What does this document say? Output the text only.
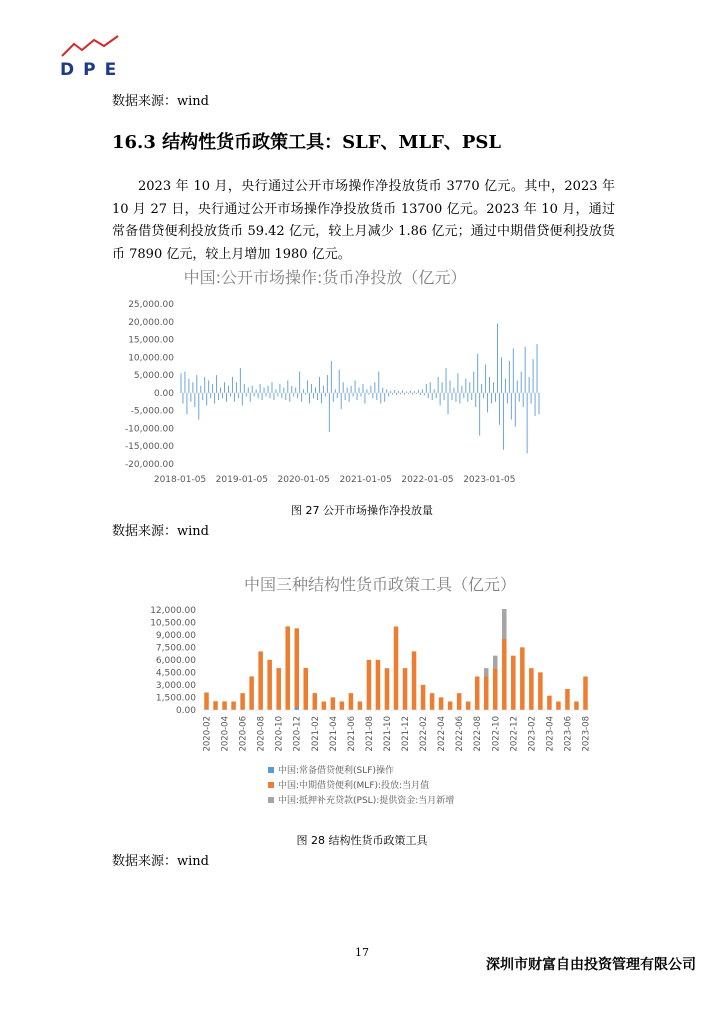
DPE
数据来源：wind
16.3 结构性货币政策工具：SLF、MLF、PSL

2023 年 10 月，央行通过公开市场操作净投放货币 3770 亿元。其中，2023 年 10 月 27 日，央行通过公开市场操作净投放货币 13700 亿元。2023 年 10 月，通过常备借贷便利投放货币 59.42 亿元，较上月减少 1.86 亿元；通过中期借贷便利投放货币 7890 亿元，较上月增加 1980 亿元。

中国:公开市场操作:货币净投放（亿元）
25,000.00
20,000.00
15,000.00
10,000.00
5,000.00
0.00
-5,000.00
-10,000.00
-15,000.00
-20,000.00
2018-01-05 2019-01-05 2020-01-05 2021-01-05 2022-01-05 2023-01-05
图 27 公开市场操作净投放量
数据来源：wind
中国三种结构性货币政策工具（亿元）
12,000.00
10,500.00
9,000.00
7,500.00
6,000.00
4,500.00
3,000.00
1,500.00
0.00
2020-02 2020-04 2020-06 2020-08 2020-10 2020-12 2021-02 2021-04 2021-06 2021-08 2021-10 2021-12 2022-02 2022-04 2022-06 2022-08 2022-10 2022-12 2023-02 2023-04 2023-06 2023-08
中国:常备借贷便利(SLF)操作
中国:中期借贷便利(MLF):投放:当月值
中国:抵押补充贷款(PSL):提供资金:当月新增
图 28 结构性货币政策工具
数据来源：wind
17
深圳市财富自由投资管理有限公司
